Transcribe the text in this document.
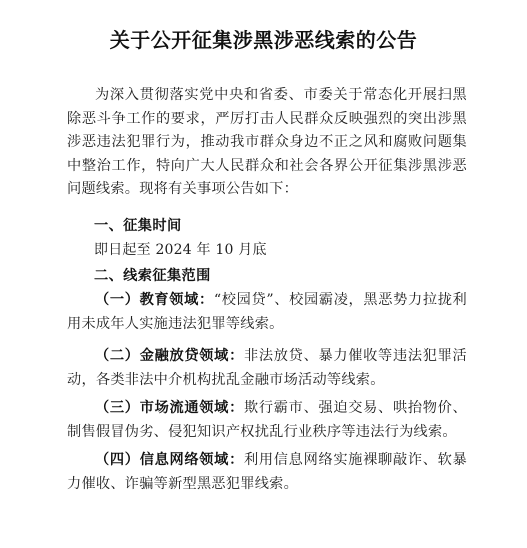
关于公开征集涉黑涉恶线索的公告
为深入贯彻落实党中央和省委、市委关于常态化开展扫黑除恶斗争工作的要求，严厉打击人民群众反映强烈的突出涉黑涉恶违法犯罪行为，推动我市群众身边不正之风和腐败问题集中整治工作，特向广大人民群众和社会各界公开征集涉黑涉恶问题线索。现将有关事项公告如下：
一、征集时间
即日起至 2024 年 10 月底
二、线索征集范围
（一）教育领域：“校园贷”、校园霸凌，黑恶势力拉拢利用未成年人实施违法犯罪等线索。
（二）金融放贷领域：非法放贷、暴力催收等违法犯罪活动，各类非法中介机构扰乱金融市场活动等线索。
（三）市场流通领域：欺行霸市、强迫交易、哄抬物价、制售假冒伪劣、侵犯知识产权扰乱行业秩序等违法行为线索。
（四）信息网络领域：利用信息网络实施裸聊敲诈、软暴力催收、诈骗等新型黑恶犯罪线索。
